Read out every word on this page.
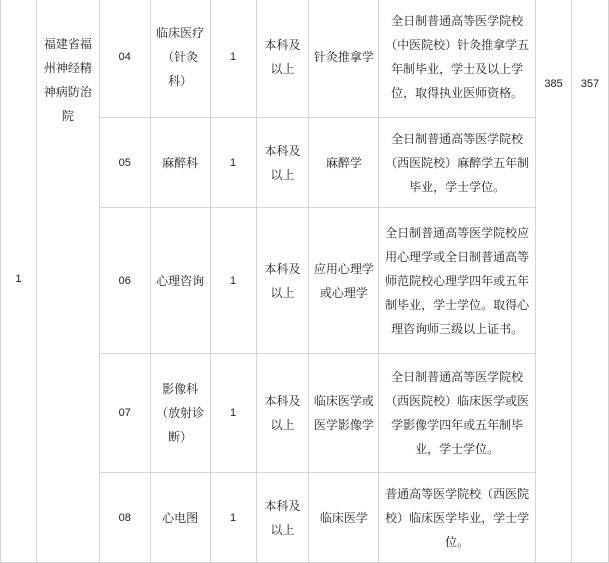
1	福建省福州神经精神病防治院	04	临床医疗（针灸科）	1	本科及以上	针灸推拿学	全日制普通高等医学院校（中医院校）针灸推拿学五年制毕业，学士及以上学位，取得执业医师资格。	385	357
		05	麻醉科	1	本科及以上	麻醉学	全日制普通高等医学院校（西医院校）麻醉学五年制毕业，学士学位。		

		06	心理咨询	1	本科及以上	应用心理学或心理学	全日制普通高等医学院校应用心理学或全日制普通高等师范院校心理学四年或五年制毕业，学士学位。取得心理咨询师三级以上证书。		

		07	影像科（放射诊断）	1	本科及以上	临床医学或医学影像学	全日制普通高等医学院校（西医院校）临床医学或医学影像学四年或五年制毕业，学士学位。		

		08	心电图	1	本科及以上	临床医学	普通高等医学院校（西医院校）临床医学毕业，学士学位。		
